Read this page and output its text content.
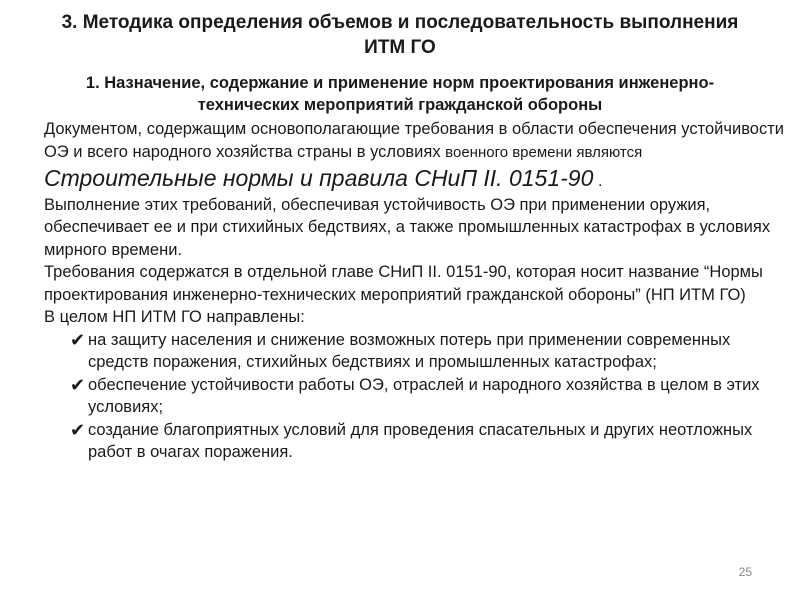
3. Методика определения объемов и последовательность выполнения ИТМ ГО
1. Назначение, содержание и применение норм проектирования инженерно-технических мероприятий гражданской обороны

Документом, содержащим основополагающие требования в области обеспечения устойчивости ОЭ и всего народного хозяйства страны в условиях военного времени являются Строительные нормы и правила СНиП II. 0151-90 .

Выполнение этих требований, обеспечивая устойчивость ОЭ при применении оружия, обеспечивает ее и при стихийных бедствиях, а также промышленных катастрофах в условиях мирного времени.

Требования содержатся в отдельной главе СНиП II. 0151-90, которая носит название “Нормы проектирования инженерно-технических мероприятий гражданской обороны” (НП ИТМ ГО)

В целом НП ИТМ ГО направлены:

✔ на защиту населения и снижение возможных потерь при применении современных средств поражения, стихийных бедствиях и промышленных катастрофах;
✔ обеспечение устойчивости работы ОЭ, отраслей и народного хозяйства в целом в этих условиях;
✔ создание благоприятных условий для проведения спасательных и других неотложных работ в очагах поражения.
25
